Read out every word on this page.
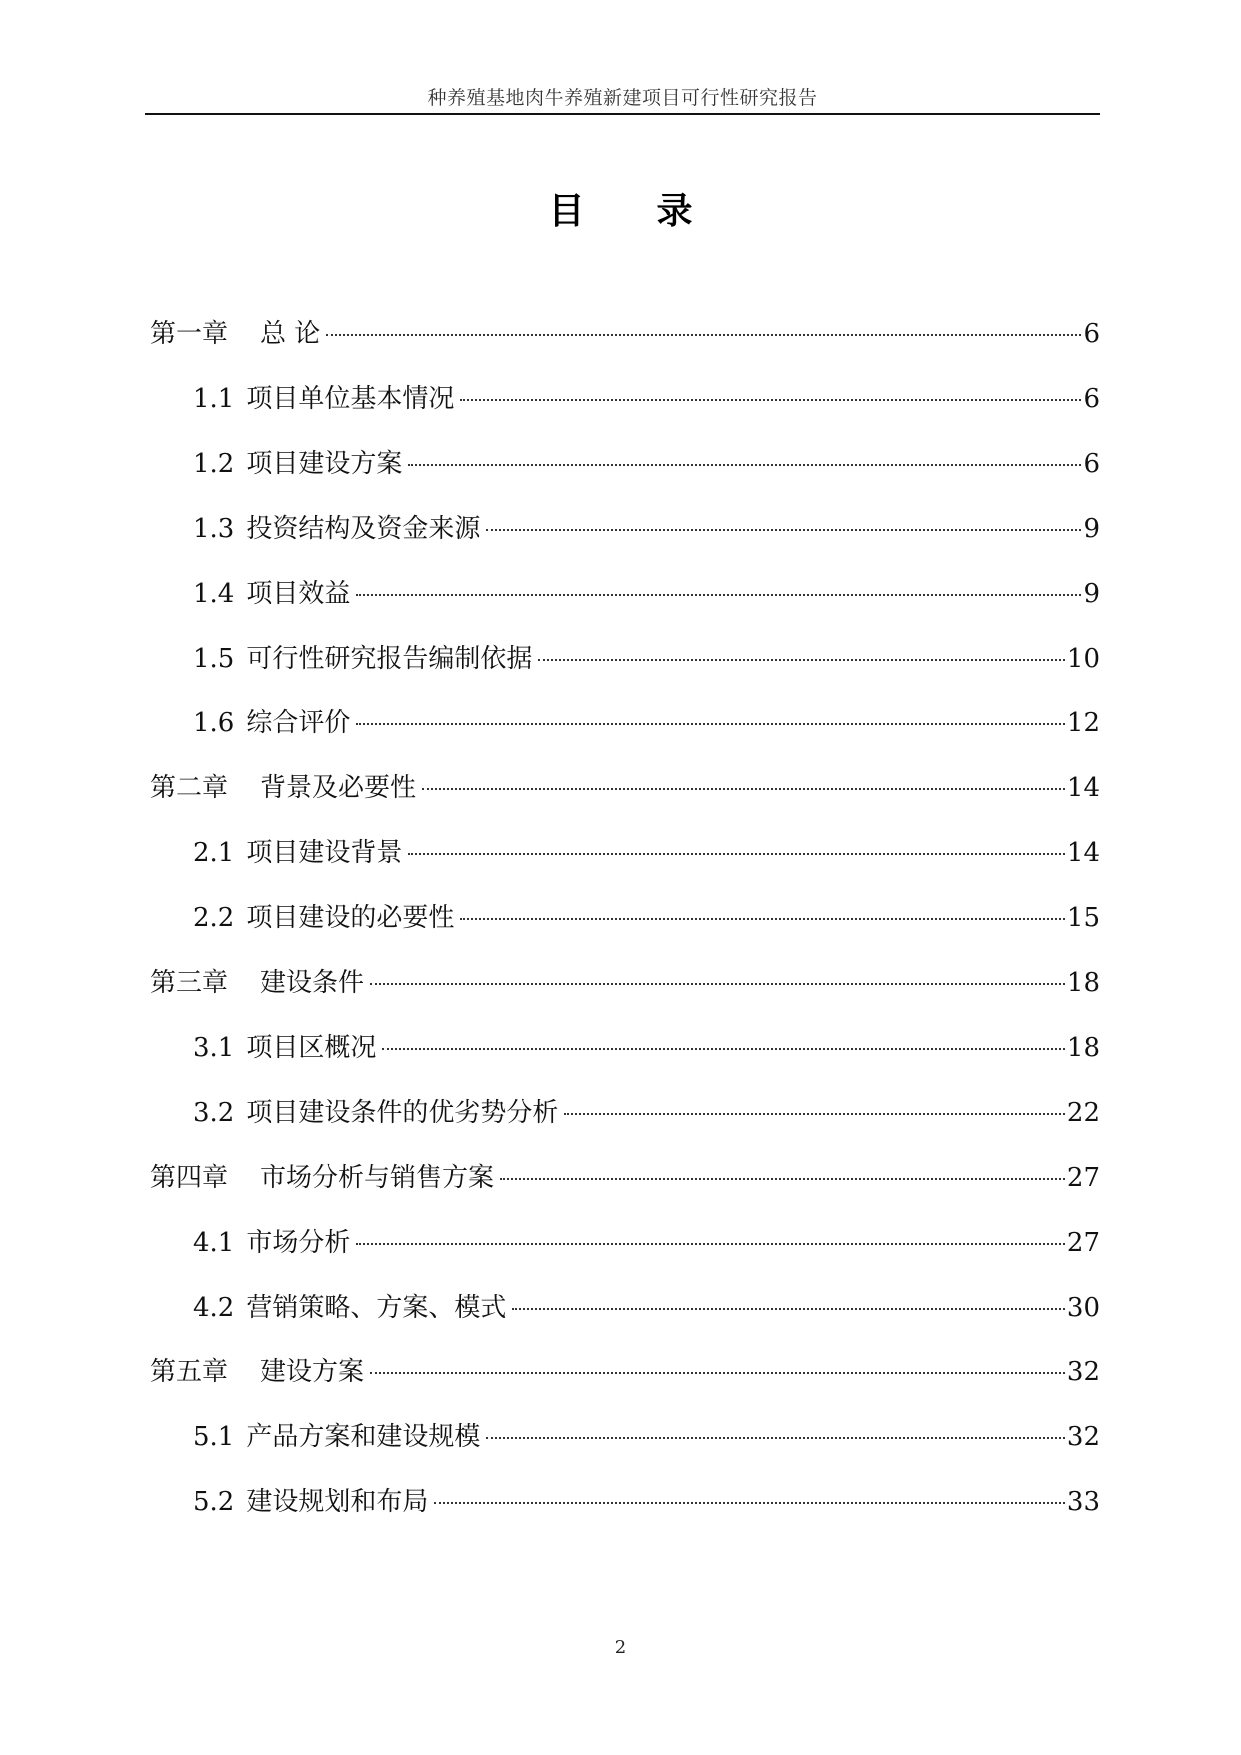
种养殖基地肉牛养殖新建项目可行性研究报告
目　　录
第一章 总 论	6
1.1 项目单位基本情况	6
1.2 项目建设方案	6
1.3 投资结构及资金来源	9
1.4 项目效益	9
1.5 可行性研究报告编制依据	10
1.6 综合评价	12
第二章 背景及必要性	14
2.1 项目建设背景	14
2.2 项目建设的必要性	15
第三章 建设条件	18
3.1 项目区概况	18
3.2 项目建设条件的优劣势分析	22
第四章 市场分析与销售方案	27
4.1 市场分析	27
4.2 营销策略、方案、模式	30
第五章 建设方案	32
5.1 产品方案和建设规模	32
5.2 建设规划和布局	33
2
